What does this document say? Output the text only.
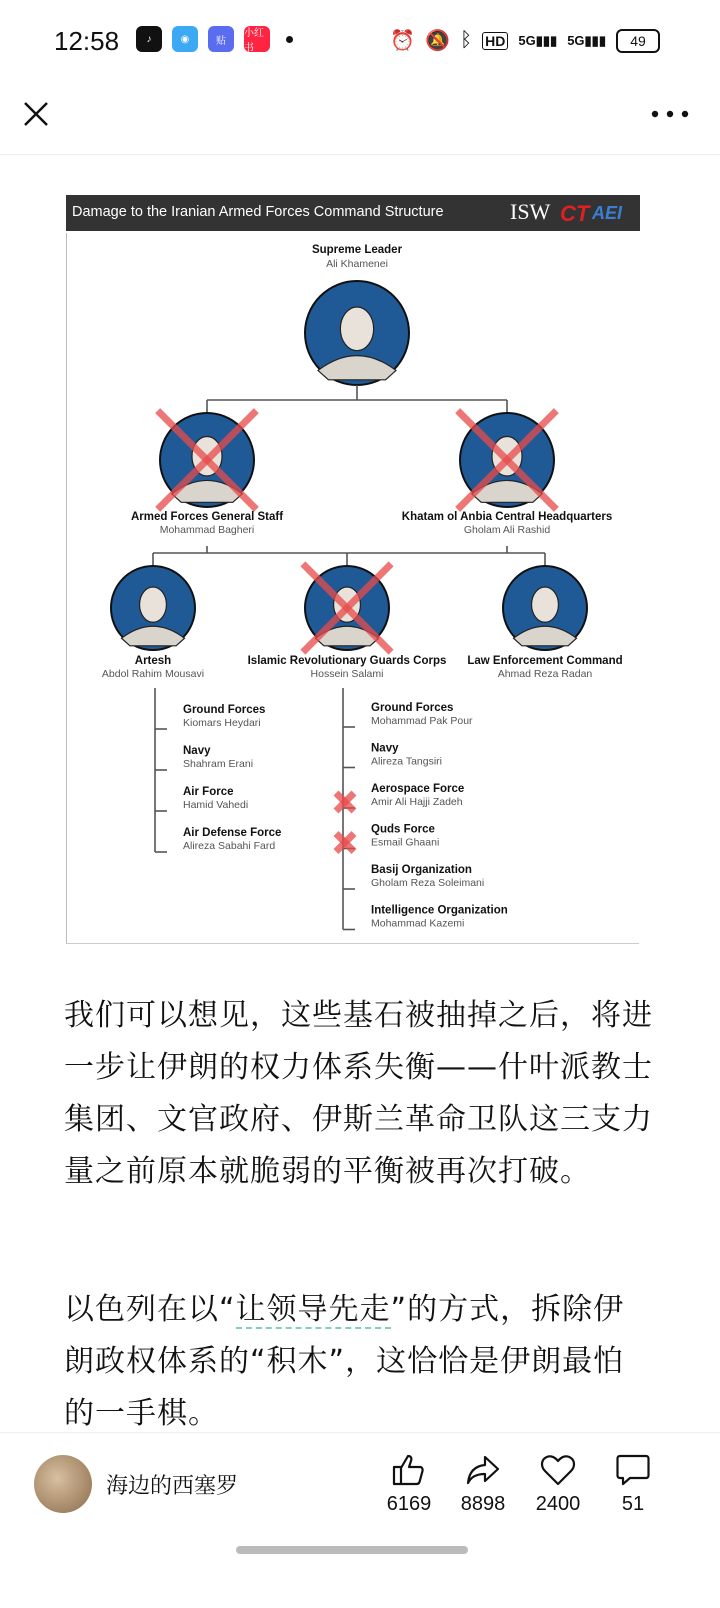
12:58	♪	◉	贴
小红书	⏰ 🔕 ᛒ HD 5G ▮▮▮ 5G ▮▮▮	49
Damage to the Iranian Armed Forces Command Structure	ISW CT AEI
Supreme Leader
Ali Khamenei
Armed Forces General Staff
Mohammad Bagheri
Khatam ol Anbia Central Headquarters
Gholam Ali Rashid
Artesh
Abdol Rahim Mousavi
Islamic Revolutionary Guards Corps
Hossein Salami
Law Enforcement Command
Ahmad Reza Radan
Ground Forces
Kiomars Heydari
Navy
Shahram Erani
Air Force
Hamid Vahedi
Air Defense Force
Alireza Sabahi Fard
Ground Forces
Mohammad Pak Pour
Navy
Alireza Tangsiri
Aerospace Force
Amir Ali Hajji Zadeh
Quds Force
Esmail Ghaani
Basij Organization
Gholam Reza Soleimani
Intelligence Organization
Mohammad Kazemi
我们可以想见，这些基石被抽掉之后，将进一步让伊朗的权力体系失衡——什叶派教士集团、文官政府、伊斯兰革命卫队这三支力量之前原本就脆弱的平衡被再次打破。
以色列在以“让领导先走”的方式，拆除伊朗政权体系的“积木”，这恰恰是伊朗最怕的一手棋。
海边的西塞罗
6169	8898	2400	51
